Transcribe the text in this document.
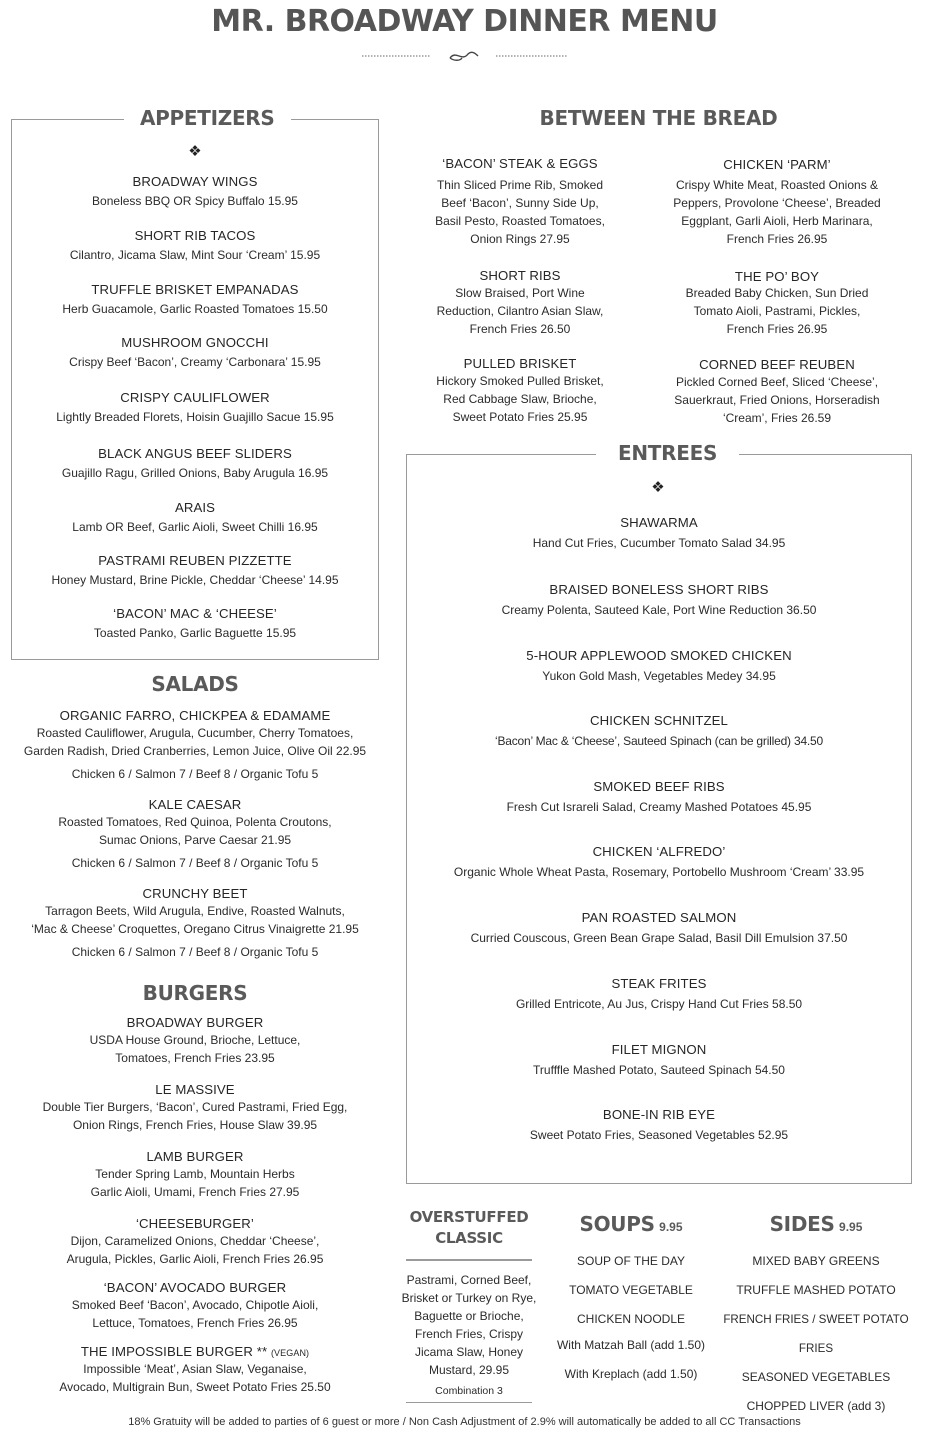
MR. BROADWAY DINNER MENU
APPETIZERS
❖
BROADWAY WINGS
Boneless BBQ OR Spicy Buffalo 15.95
SHORT RIB TACOS
Cilantro, Jicama Slaw, Mint Sour ‘Cream’ 15.95
TRUFFLE BRISKET EMPANADAS
Herb Guacamole, Garlic Roasted Tomatoes 15.50
MUSHROOM GNOCCHI
Crispy Beef ‘Bacon’, Creamy ‘Carbonara’ 15.95
CRISPY CAULIFLOWER
Lightly Breaded Florets, Hoisin Guajillo Sacue 15.95
BLACK ANGUS BEEF SLIDERS
Guajillo Ragu, Grilled Onions, Baby Arugula 16.95
ARAIS
Lamb OR Beef, Garlic Aioli, Sweet Chilli 16.95
PASTRAMI REUBEN PIZZETTE
Honey Mustard, Brine Pickle, Cheddar ‘Cheese’ 14.95
‘BACON’ MAC & ‘CHEESE’
Toasted Panko, Garlic Baguette 15.95
SALADS
ORGANIC FARRO, CHICKPEA & EDAMAME
Roasted Cauliflower, Arugula, Cucumber, Cherry Tomatoes,
Garden Radish, Dried Cranberries, Lemon Juice, Olive Oil 22.95
Chicken 6 / Salmon 7 / Beef 8 / Organic Tofu 5
KALE CAESAR
Roasted Tomatoes, Red Quinoa, Polenta Croutons,
Sumac Onions, Parve Caesar 21.95
Chicken 6 / Salmon 7 / Beef 8 / Organic Tofu 5
CRUNCHY BEET
Tarragon Beets, Wild Arugula, Endive, Roasted Walnuts,
‘Mac & Cheese’ Croquettes, Oregano Citrus Vinaigrette 21.95
Chicken 6 / Salmon 7 / Beef 8 / Organic Tofu 5
BURGERS
BROADWAY BURGER
USDA House Ground, Brioche, Lettuce,
Tomatoes, French Fries 23.95
LE MASSIVE
Double Tier Burgers, ‘Bacon’, Cured Pastrami, Fried Egg,
Onion Rings, French Fries, House Slaw 39.95
LAMB BURGER
Tender Spring Lamb, Mountain Herbs
Garlic Aioli, Umami, French Fries 27.95
‘CHEESEBURGER’
Dijon, Caramelized Onions, Cheddar ‘Cheese’,
Arugula, Pickles, Garlic Aioli, French Fries 26.95
‘BACON’ AVOCADO BURGER
Smoked Beef ‘Bacon’, Avocado, Chipotle Aioli,
Lettuce, Tomatoes, French Fries 26.95
THE IMPOSSIBLE BURGER ** (VEGAN)
Impossible ‘Meat’, Asian Slaw, Veganaise,
Avocado, Multigrain Bun, Sweet Potato Fries 25.50
BETWEEN THE BREAD
‘BACON’ STEAK & EGGS
Thin Sliced Prime Rib, Smoked
Beef ‘Bacon’, Sunny Side Up,
Basil Pesto, Roasted Tomatoes,
Onion Rings 27.95
SHORT RIBS
Slow Braised, Port Wine
Reduction, Cilantro Asian Slaw,
French Fries 26.50
PULLED BRISKET
Hickory Smoked Pulled Brisket,
Red Cabbage Slaw, Brioche,
Sweet Potato Fries 25.95
CHICKEN ‘PARM’
Crispy White Meat, Roasted Onions &
Peppers, Provolone ‘Cheese’, Breaded
Eggplant, Garli Aioli, Herb Marinara,
French Fries 26.95
THE PO’ BOY
Breaded Baby Chicken, Sun Dried
Tomato Aioli, Pastrami, Pickles,
French Fries 26.95
CORNED BEEF REUBEN
Pickled Corned Beef, Sliced ‘Cheese’,
Sauerkraut, Fried Onions, Horseradish
‘Cream’, Fries 26.59
ENTREES
❖
SHAWARMA
Hand Cut Fries, Cucumber Tomato Salad 34.95
BRAISED BONELESS SHORT RIBS
Creamy Polenta, Sauteed Kale, Port Wine Reduction 36.50
5-HOUR APPLEWOOD SMOKED CHICKEN
Yukon Gold Mash, Vegetables Medey 34.95
CHICKEN SCHNITZEL
‘Bacon’ Mac & ‘Cheese’, Sauteed Spinach (can be grilled) 34.50
SMOKED BEEF RIBS
Fresh Cut Israreli Salad, Creamy Mashed Potatoes 45.95
CHICKEN ‘ALFREDO’
Organic Whole Wheat Pasta, Rosemary, Portobello Mushroom ‘Cream’ 33.95
PAN ROASTED SALMON
Curried Couscous, Green Bean Grape Salad, Basil Dill Emulsion 37.50
STEAK FRITES
Grilled Entricote, Au Jus, Crispy Hand Cut Fries 58.50
FILET MIGNON
Trufffle Mashed Potato, Sauteed Spinach 54.50
BONE-IN RIB EYE
Sweet Potato Fries, Seasoned Vegetables 52.95
OVERSTUFFED
CLASSIC
Pastrami, Corned Beef,
Brisket or Turkey on Rye,
Baguette or Brioche,
French Fries, Crispy
Jicama Slaw, Honey
Mustard, 29.95
Combination 3
SOUPS 9.95
SOUP OF THE DAY
TOMATO VEGETABLE
CHICKEN NOODLE
With Matzah Ball (add 1.50)
With Kreplach (add 1.50)
SIDES 9.95
MIXED BABY GREENS
TRUFFLE MASHED POTATO
FRENCH FRIES / SWEET POTATO FRIES
SEASONED VEGETABLES
CHOPPED LIVER (add 3)
18% Gratuity will be added to parties of 6 guest or more / Non Cash Adjustment of 2.9% will automatically be added to all CC Transactions
